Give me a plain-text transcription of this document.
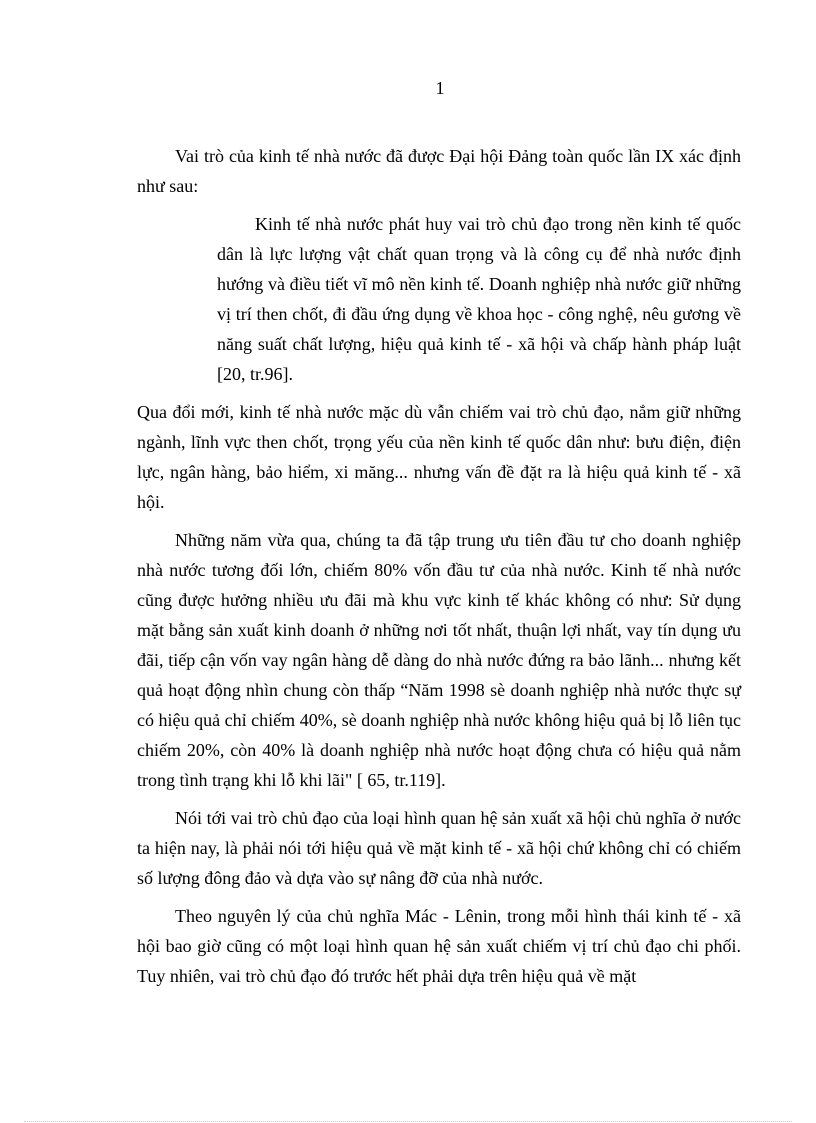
1

Vai trò của kinh tế nhà nước đã được Đại hội Đảng toàn quốc lần IX xác định như sau:

Kinh tế nhà nước phát huy vai trò chủ đạo trong nền kinh tế quốc dân là lực lượng vật chất quan trọng và là công cụ để nhà nước định hướng và điều tiết vĩ mô nền kinh tế. Doanh nghiệp nhà nước giữ những vị trí then chốt, đi đầu ứng dụng về khoa học - công nghệ, nêu gương về năng suất chất lượng, hiệu quả kinh tế - xã hội và chấp hành pháp luật [20, tr.96].

Qua đổi mới, kinh tế nhà nước mặc dù vẫn chiếm vai trò chủ đạo, nắm giữ những ngành, lĩnh vực then chốt, trọng yếu của nền kinh tế quốc dân như: bưu điện, điện lực, ngân hàng, bảo hiểm, xi măng... nhưng vấn đề đặt ra là hiệu quả kinh tế - xã hội.

Những năm vừa qua, chúng ta đã tập trung ưu tiên đầu tư cho doanh nghiệp nhà nước tương đối lớn, chiếm 80% vốn đầu tư của nhà nước. Kinh tế nhà nước cũng được hưởng nhiều ưu đãi mà khu vực kinh tế khác không có như: Sử dụng mặt bằng sản xuất kinh doanh ở những nơi tốt nhất, thuận lợi nhất, vay tín dụng ưu đãi, tiếp cận vốn vay ngân hàng dễ dàng do nhà nước đứng ra bảo lãnh... nhưng kết quả hoạt động nhìn chung còn thấp “Năm 1998 sè doanh nghiệp nhà nước thực sự có hiệu quả chỉ chiếm 40%, sè doanh nghiệp nhà nước không hiệu quả bị lỗ liên tục chiếm 20%, còn 40% là doanh nghiệp nhà nước hoạt động chưa có hiệu quả nằm trong tình trạng khi lỗ khi lãi" [ 65, tr.119].

Nói tới vai trò chủ đạo của loại hình quan hệ sản xuất xã hội chủ nghĩa ở nước ta hiện nay, là phải nói tới hiệu quả về mặt kinh tế - xã hội chứ không chỉ có chiếm số lượng đông đảo và dựa vào sự nâng đỡ của nhà nước.

Theo nguyên lý của chủ nghĩa Mác - Lênin, trong mỗi hình thái kinh tế - xã hội bao giờ cũng có một loại hình quan hệ sản xuất chiếm vị trí chủ đạo chi phối. Tuy nhiên, vai trò chủ đạo đó trước hết phải dựa trên hiệu quả về mặt
